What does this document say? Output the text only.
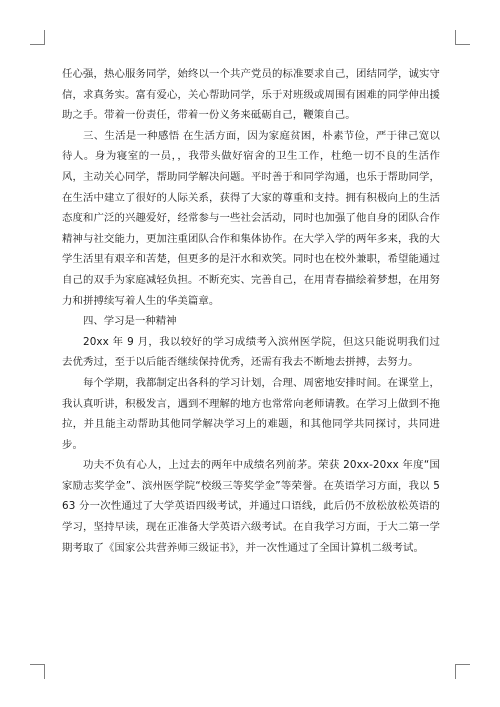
任心强，热心服务同学，始终以一个共产党员的标准要求自己，团结同学，诚实守信，求真务实。富有爱心，关心帮助同学，乐于对班级或周围有困难的同学伸出援助之手。带着一份责任，带着一份义务来砥砺自己，鞭策自己。

三、生活是一种感悟 在生活方面，因为家庭贫困，朴素节俭，严于律己宽以待人。身为寝室的一员，，我带头做好宿舍的卫生工作，杜绝一切不良的生活作风，主动关心同学，帮助同学解决问题。平时善于和同学沟通，也乐于帮助同学，在生活中建立了很好的人际关系，获得了大家的尊重和支持。拥有积极向上的生活态度和广泛的兴趣爱好，经常参与一些社会活动，同时也加强了他自身的团队合作精神与社交能力，更加注重团队合作和集体协作。在大学入学的两年多来，我的大学生活里有艰辛和苦楚，但更多的是汗水和欢笑。同时也在校外兼职，希望能通过自己的双手为家庭减轻负担。不断充实、完善自己，在用青春描绘着梦想，在用努力和拼搏续写着人生的华美篇章。

四、学习是一种精神

20xx 年 9 月，我以较好的学习成绩考入滨州医学院，但这只能说明我们过去优秀过，至于以后能否继续保持优秀，还需有我去不断地去拼搏，去努力。

每个学期，我都制定出各科的学习计划，合理、周密地安排时间。在课堂上，我认真听讲，积极发言，遇到不理解的地方也常常向老师请教。在学习上做到不拖拉，并且能主动帮助其他同学解决学习上的难题，和其他同学共同探讨，共同进步。

功夫不负有心人，上过去的两年中成绩名列前茅。荣获 20xx-20xx 年度“国家励志奖学金”、滨州医学院“校级三等奖学金”等荣誉。在英语学习方面，我以 563 分一次性通过了大学英语四级考试，并通过口语线，此后仍不放松放松英语的学习，坚持早读，现在正准备大学英语六级考试。在自我学习方面，于大二第一学期考取了《国家公共营养师三级证书》，并一次性通过了全国计算机二级考试。
